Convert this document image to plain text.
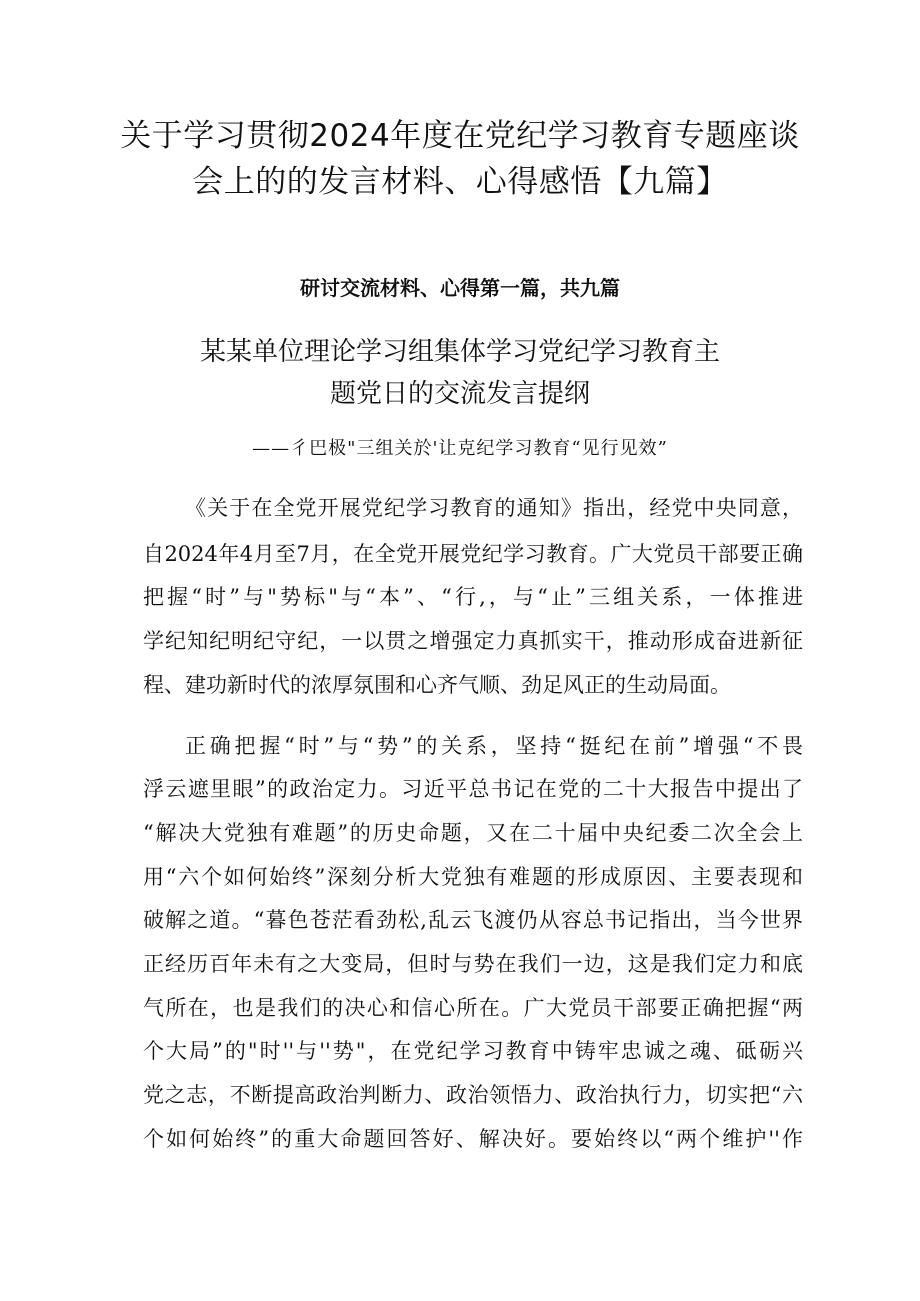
关于学习贯彻2024年度在党纪学习教育专题座谈
会上的的发言材料、心得感悟【九篇】
研讨交流材料、心得第一篇，共九篇
某某单位理论学习组集体学习党纪学习教育主
题党日的交流发言提纲
——彳巴极"三组关於'让克纪学习教育“见行见效”
《关于在全党开展党纪学习教育的通知》指出，经党中央同意，
自2024年4月至7月，在全党开展党纪学习教育。广大党员干部要正确
把握“时”与"势标"与“本”、“行,，与“止”三组关系，一体推进
学纪知纪明纪守纪，一以贯之增强定力真抓实干，推动形成奋进新征
程、建功新时代的浓厚氛围和心齐气顺、劲足风正的生动局面。
正确把握“时”与“势”的关系，坚持“挺纪在前”增强“不畏
浮云遮里眼”的政治定力。习近平总书记在党的二十大报告中提出了
“解决大党独有难题”的历史命题，又在二十届中央纪委二次全会上
用“六个如何始终”深刻分析大党独有难题的形成原因、主要表现和
破解之道。“暮色苍茫看劲松,乱云飞渡仍从容总书记指出，当今世界
正经历百年未有之大变局，但时与势在我们一边，这是我们定力和底
气所在，也是我们的决心和信心所在。广大党员干部要正确把握“两
个大局”的"时''与''势"，在党纪学习教育中铸牢忠诚之魂、砥砺兴
党之志，不断提高政治判断力、政治领悟力、政治执行力，切实把“六
个如何始终”的重大命题回答好、解决好。要始终以“两个维护''作
